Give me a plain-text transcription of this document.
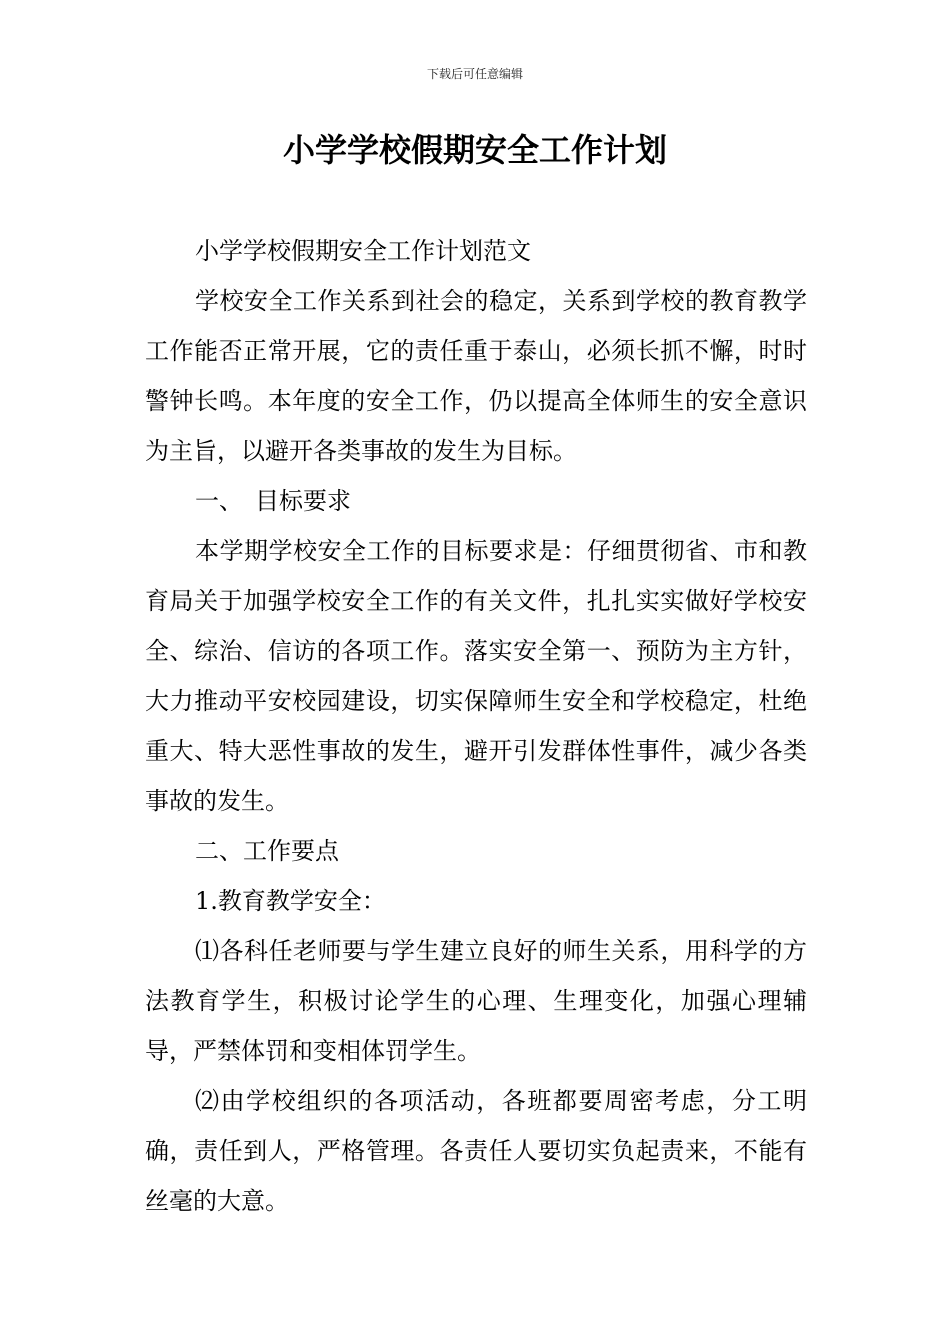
下载后可任意编辑
小学学校假期安全工作计划

小学学校假期安全工作计划范文

学校安全工作关系到社会的稳定，关系到学校的教育教学工作能否正常开展，它的责任重于泰山，必须长抓不懈，时时警钟长鸣。本年度的安全工作，仍以提高全体师生的安全意识为主旨，以避开各类事故的发生为目标。

一、　目标要求

本学期学校安全工作的目标要求是：仔细贯彻省、市和教育局关于加强学校安全工作的有关文件，扎扎实实做好学校安全、综治、信访的各项工作。落实安全第一、预防为主方针，大力推动平安校园建设，切实保障师生安全和学校稳定，杜绝重大、特大恶性事故的发生，避开引发群体性事件，减少各类事故的发生。

二、工作要点

1.教育教学安全：

⑴各科任老师要与学生建立良好的师生关系，用科学的方法教育学生，积极讨论学生的心理、生理变化，加强心理辅导，严禁体罚和变相体罚学生。

⑵由学校组织的各项活动，各班都要周密考虑，分工明确，责任到人，严格管理。各责任人要切实负起责来，不能有丝毫的大意。
